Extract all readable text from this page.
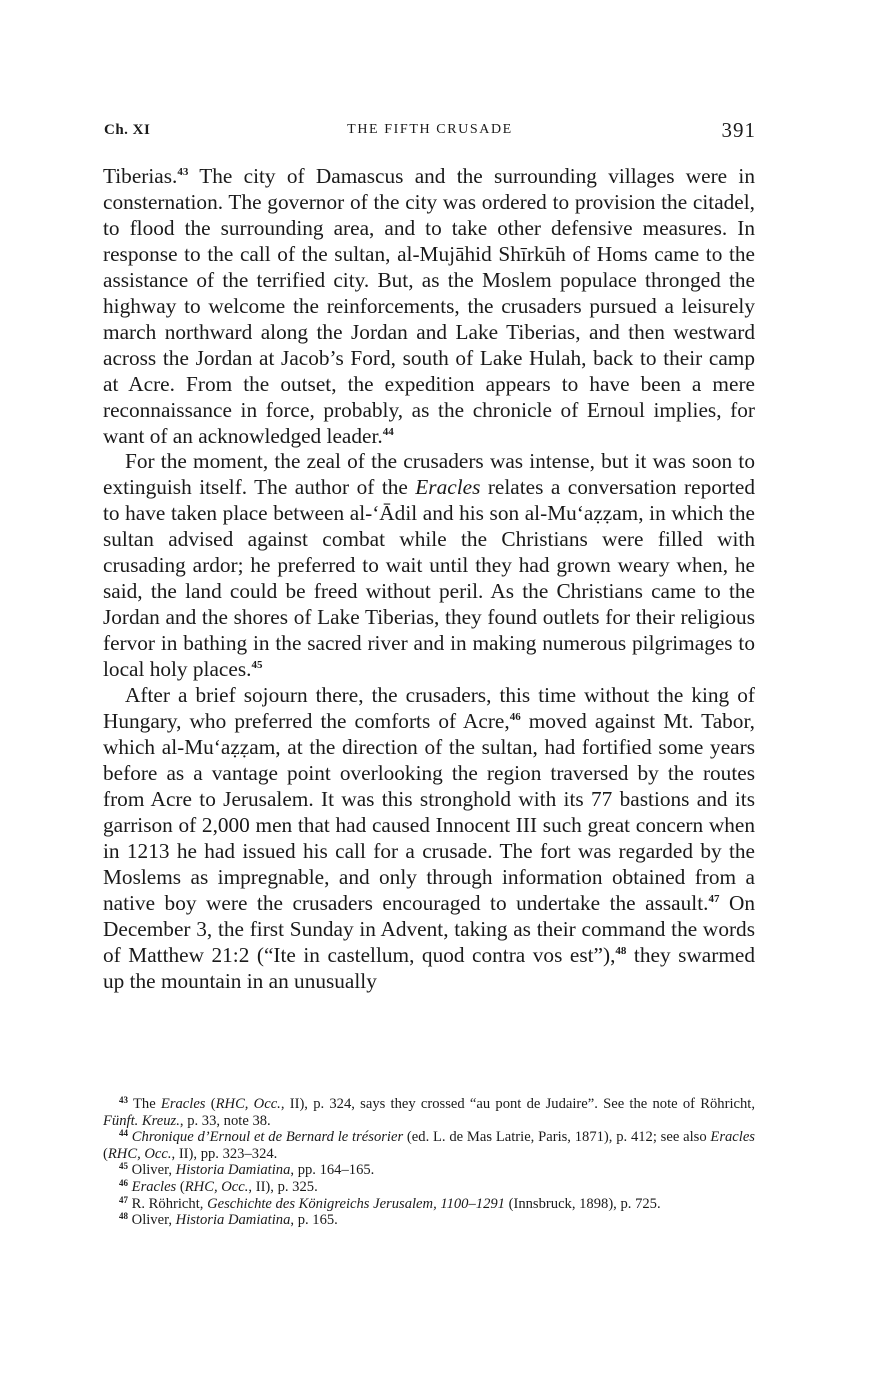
Ch. XI	THE FIFTH CRUSADE	391

Tiberias.$^{43}$ The city of Damascus and the surrounding villages were in consternation. The governor of the city was ordered to provision the citadel, to flood the surrounding area, and to take other defensive measures. In response to the call of the sultan, al-Mujāhid Shīrkūh of Homs came to the assistance of the terrified city. But, as the Moslem populace thronged the highway to welcome the reinforcements, the crusaders pursued a leisurely march northward along the Jordan and Lake Tiberias, and then westward across the Jordan at Jacob’s Ford, south of Lake Hulah, back to their camp at Acre. From the outset, the expedition appears to have been a mere reconnaissance in force, probably, as the chronicle of Ernoul implies, for want of an acknowledged leader.$^{44}$

For the moment, the zeal of the crusaders was intense, but it was soon to extinguish itself. The author of the Eracles relates a conversation reported to have taken place between al-‘Ādil and his son al-Mu‘aẓẓam, in which the sultan advised against combat while the Christians were filled with crusading ardor; he preferred to wait until they had grown weary when, he said, the land could be freed without peril. As the Christians came to the Jordan and the shores of Lake Tiberias, they found outlets for their religious fervor in bathing in the sacred river and in making numerous pilgrimages to local holy places.$^{45}$

After a brief sojourn there, the crusaders, this time without the king of Hungary, who preferred the comforts of Acre,$^{46}$ moved against Mt. Tabor, which al-Mu‘aẓẓam, at the direction of the sultan, had fortified some years before as a vantage point overlooking the region traversed by the routes from Acre to Jerusalem. It was this stronghold with its 77 bastions and its garrison of 2,000 men that had caused Innocent III such great concern when in 1213 he had issued his call for a crusade. The fort was regarded by the Moslems as impregnable, and only through information obtained from a native boy were the crusaders encouraged to undertake the assault.$^{47}$ On December 3, the first Sunday in Advent, taking as their command the words of Matthew 21:2 (“Ite in castellum, quod contra vos est”),$^{48}$ they swarmed up the mountain in an unusually

$^{43}$ The Eracles (RHC, Occ., II), p. 324, says they crossed “au pont de Judaire”. See the note of Röhricht, Fünft. Kreuz., p. 33, note 38.

$^{44}$ Chronique d’Ernoul et de Bernard le trésorier (ed. L. de Mas Latrie, Paris, 1871), p. 412; see also Eracles (RHC, Occ., II), pp. 323–324.

$^{45}$ Oliver, Historia Damiatina, pp. 164–165.

$^{46}$ Eracles (RHC, Occ., II), p. 325.

$^{47}$ R. Röhricht, Geschichte des Königreichs Jerusalem, 1100–1291 (Innsbruck, 1898), p. 725.

$^{48}$ Oliver, Historia Damiatina, p. 165.
